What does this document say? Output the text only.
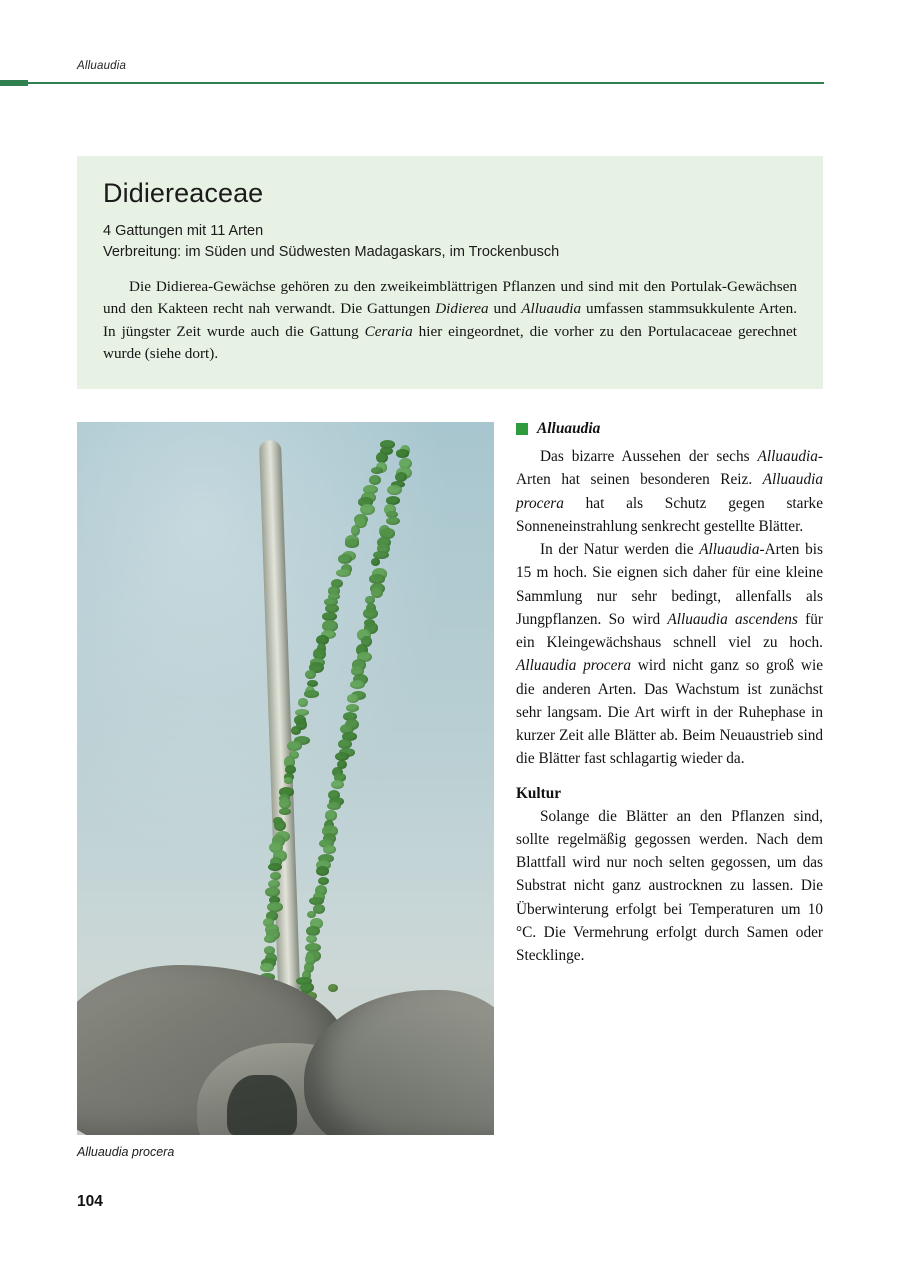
Alluaudia
Didiereaceae

4 Gattungen mit 11 Arten

Verbreitung: im Süden und Südwesten Madagaskars, im Trockenbusch

Die Didierea-Gewächse gehören zu den zweikeimblättrigen Pflanzen und sind mit den Portulak-Gewächsen und den Kakteen recht nah verwandt. Die Gattungen Didierea und Alluaudia umfassen stammsukkulente Arten. In jüngster Zeit wurde auch die Gattung Ceraria hier eingeordnet, die vorher zu den Portulacaceae gerechnet wurde (siehe dort).

Alluaudia procera
Alluaudia

Das bizarre Aussehen der sechs Alluaudia-Arten hat seinen besonderen Reiz. Alluaudia procera hat als Schutz gegen starke Sonneneinstrahlung senkrecht gestellte Blätter.

In der Natur werden die Alluaudia-Arten bis 15 m hoch. Sie eignen sich daher für eine kleine Sammlung nur sehr bedingt, allenfalls als Jungpflanzen. So wird Alluaudia ascendens für ein Kleingewächshaus schnell viel zu hoch. Alluaudia procera wird nicht ganz so groß wie die anderen Arten. Das Wachstum ist zunächst sehr langsam. Die Art wirft in der Ruhephase in kurzer Zeit alle Blätter ab. Beim Neuaustrieb sind die Blätter fast schlagartig wieder da.

Kultur

Solange die Blätter an den Pflanzen sind, sollte regelmäßig gegossen werden. Nach dem Blattfall wird nur noch selten gegossen, um das Substrat nicht ganz austrocknen zu lassen. Die Überwinterung erfolgt bei Temperaturen um 10 °C. Die Vermehrung erfolgt durch Samen oder Stecklinge.

104
